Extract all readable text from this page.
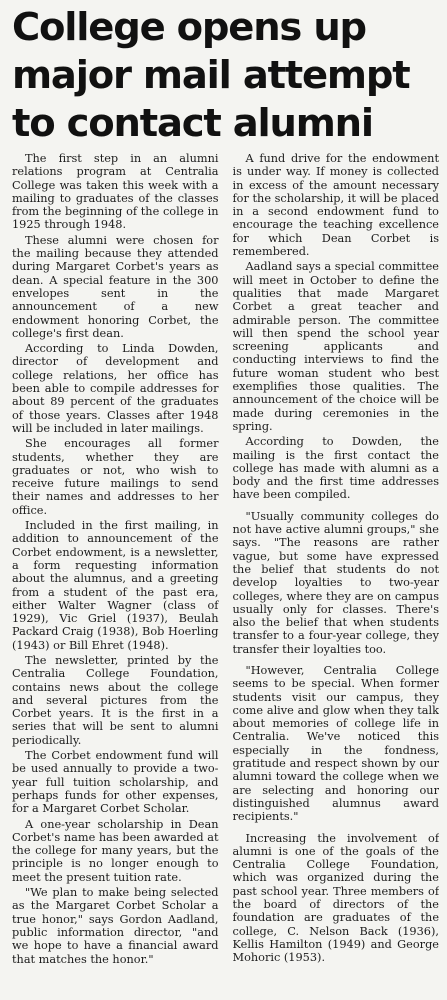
College opens up
major mail attempt
to contact alumni

The first step in an alumni relations program at Centralia College was taken this week with a mailing to graduates of the classes from the beginning of the college in 1925 through 1948.

These alumni were chosen for the mailing because they attended during Margaret Corbet's years as dean. A special feature in the 300 envelopes sent in the announcement of a new endowment honoring Corbet, the college's first dean.

According to Linda Dowden, director of development and college relations, her office has been able to compile addresses for about 89 percent of the graduates of those years. Classes after 1948 will be included in later mailings.

She encourages all former students, whether they are graduates or not, who wish to receive future mailings to send their names and addresses to her office.

Included in the first mailing, in addition to announcement of the Corbet endowment, is a newsletter, a form requesting information about the alumnus, and a greeting from a student of the past era, either Walter Wagner (class of 1929), Vic Griel (1937), Beulah Packard Craig (1938), Bob Hoerling (1943) or Bill Ehret (1948).

The newsletter, printed by the Centralia College Foundation, contains news about the college and several pictures from the Corbet years. It is the first in a series that will be sent to alumni periodically.

The Corbet endowment fund will be used annually to provide a two-year full tuition scholarship, and perhaps funds for other expenses, for a Margaret Corbet Scholar.

A one-year scholarship in Dean Corbet's name has been awarded at the college for many years, but the principle is no longer enough to meet the present tuition rate.

"We plan to make being selected as the Margaret Corbet Scholar a true honor," says Gordon Aadland, public information director, "and we hope to have a financial award that matches the honor."

A fund drive for the endowment is under way. If money is collected in excess of the amount necessary for the scholarship, it will be placed in a second endowment fund to encourage the teaching excellence for which Dean Corbet is remembered.

Aadland says a special committee will meet in October to define the qualities that made Margaret Corbet a great teacher and admirable person. The committee will then spend the school year screening applicants and conducting interviews to find the future woman student who best exemplifies those qualities. The announcement of the choice will be made during ceremonies in the spring.

According to Dowden, the mailing is the first contact the college has made with alumni as a body and the first time addresses have been compiled.

"Usually community colleges do not have active alumni groups," she says. "The reasons are rather vague, but some have expressed the belief that students do not develop loyalties to two-year colleges, where they are on campus usually only for classes. There's also the belief that when students transfer to a four-year college, they transfer their loyalties too.

"However, Centralia College seems to be special. When former students visit our campus, they come alive and glow when they talk about memories of college life in Centralia. We've noticed this especially in the fondness, gratitude and respect shown by our alumni toward the college when we are selecting and honoring our distinguished alumnus award recipients."

Increasing the involvement of alumni is one of the goals of the Centralia College Foundation, which was organized during the past school year. Three members of the board of directors of the foundation are graduates of the college, C. Nelson Back (1936), Kellis Hamilton (1949) and George Mohoric (1953).
